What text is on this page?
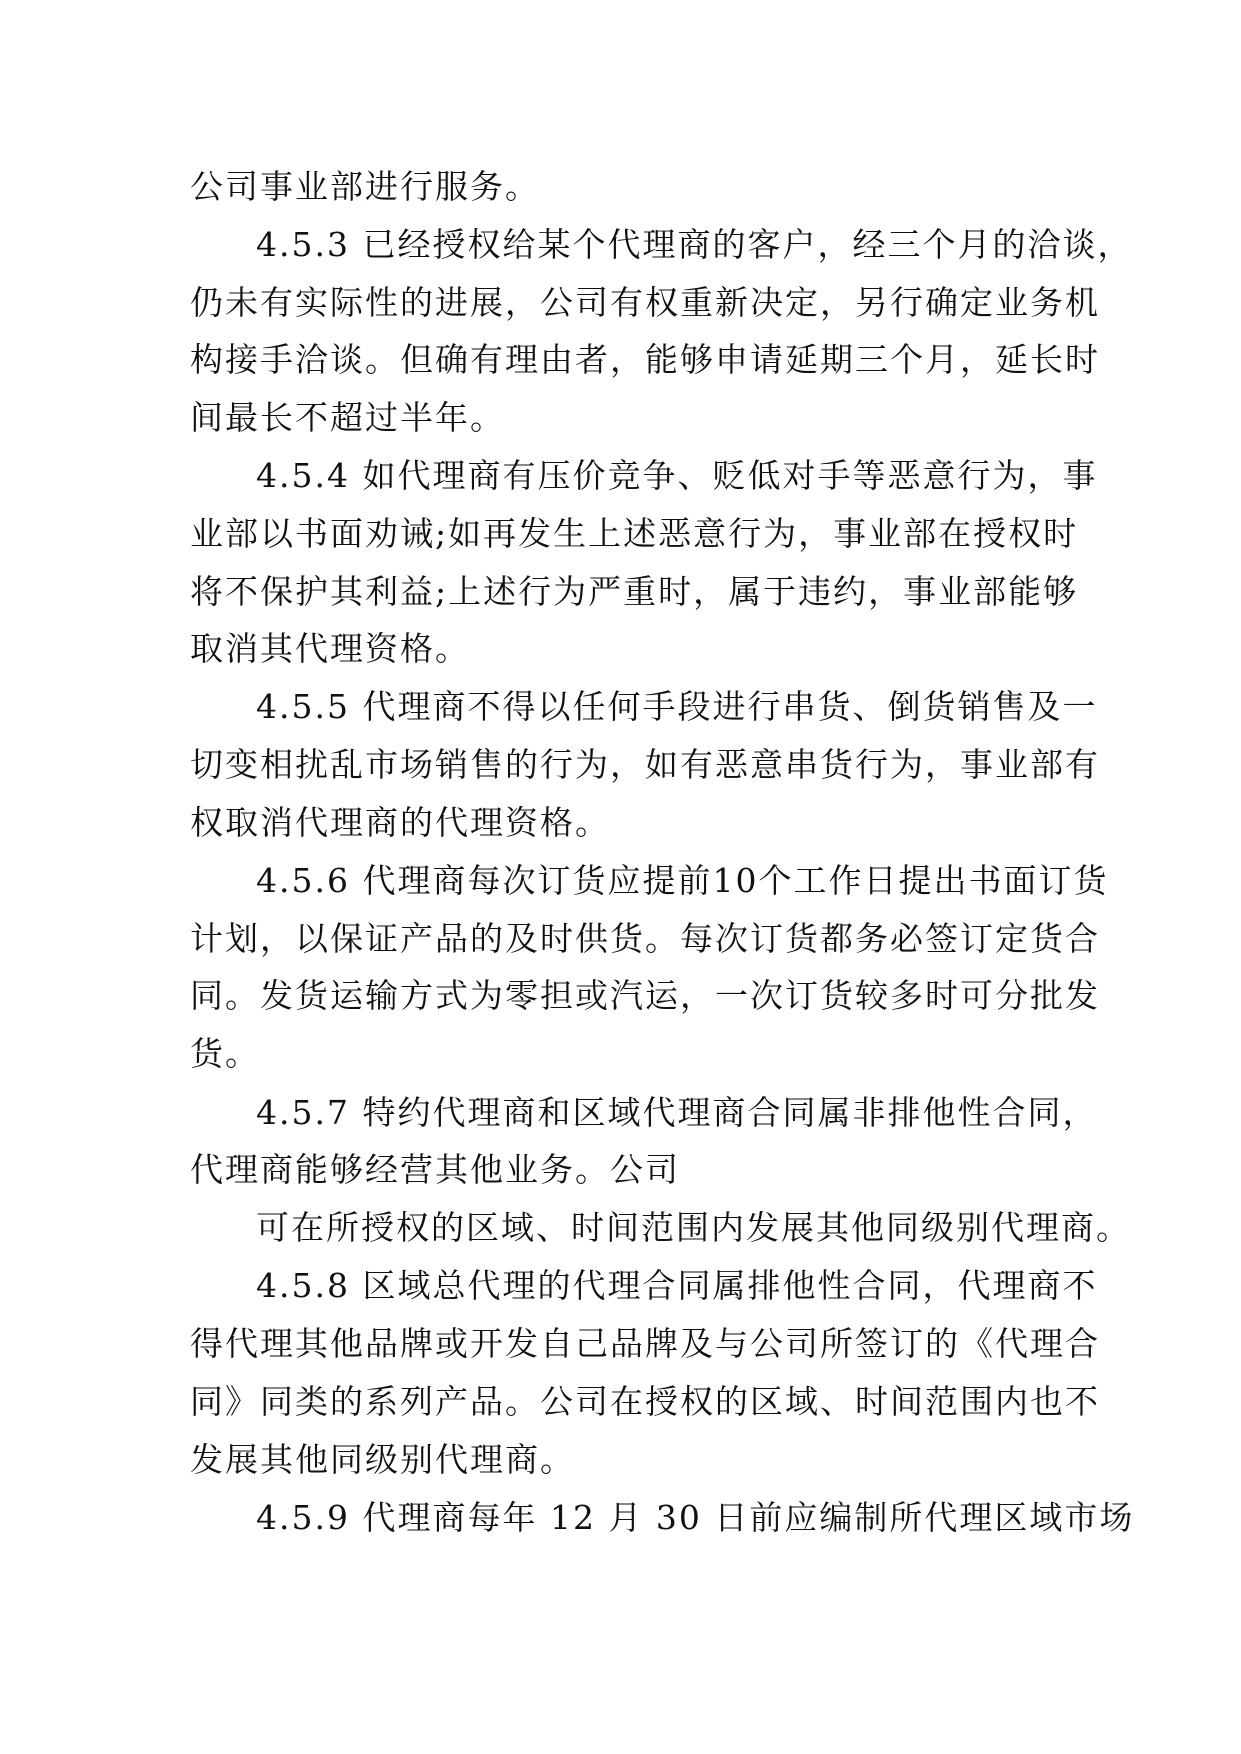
公司事业部进行服务。
4.5.3 已经授权给某个代理商的客户，经三个月的洽谈，
仍未有实际性的进展，公司有权重新决定，另行确定业务机
构接手洽谈。但确有理由者，能够申请延期三个月，延长时
间最长不超过半年。
4.5.4 如代理商有压价竞争、贬低对手等恶意行为，事
业部以书面劝诫;如再发生上述恶意行为，事业部在授权时
将不保护其利益;上述行为严重时，属于违约，事业部能够
取消其代理资格。
4.5.5 代理商不得以任何手段进行串货、倒货销售及一
切变相扰乱市场销售的行为，如有恶意串货行为，事业部有
权取消代理商的代理资格。
4.5.6 代理商每次订货应提前10个工作日提出书面订货
计划，以保证产品的及时供货。每次订货都务必签订定货合
同。发货运输方式为零担或汽运，一次订货较多时可分批发
货。
4.5.7 特约代理商和区域代理商合同属非排他性合同，
代理商能够经营其他业务。公司
可在所授权的区域、时间范围内发展其他同级别代理商。
4.5.8 区域总代理的代理合同属排他性合同，代理商不
得代理其他品牌或开发自己品牌及与公司所签订的《代理合
同》同类的系列产品。公司在授权的区域、时间范围内也不
发展其他同级别代理商。
4.5.9 代理商每年 12 月 30 日前应编制所代理区域市场
